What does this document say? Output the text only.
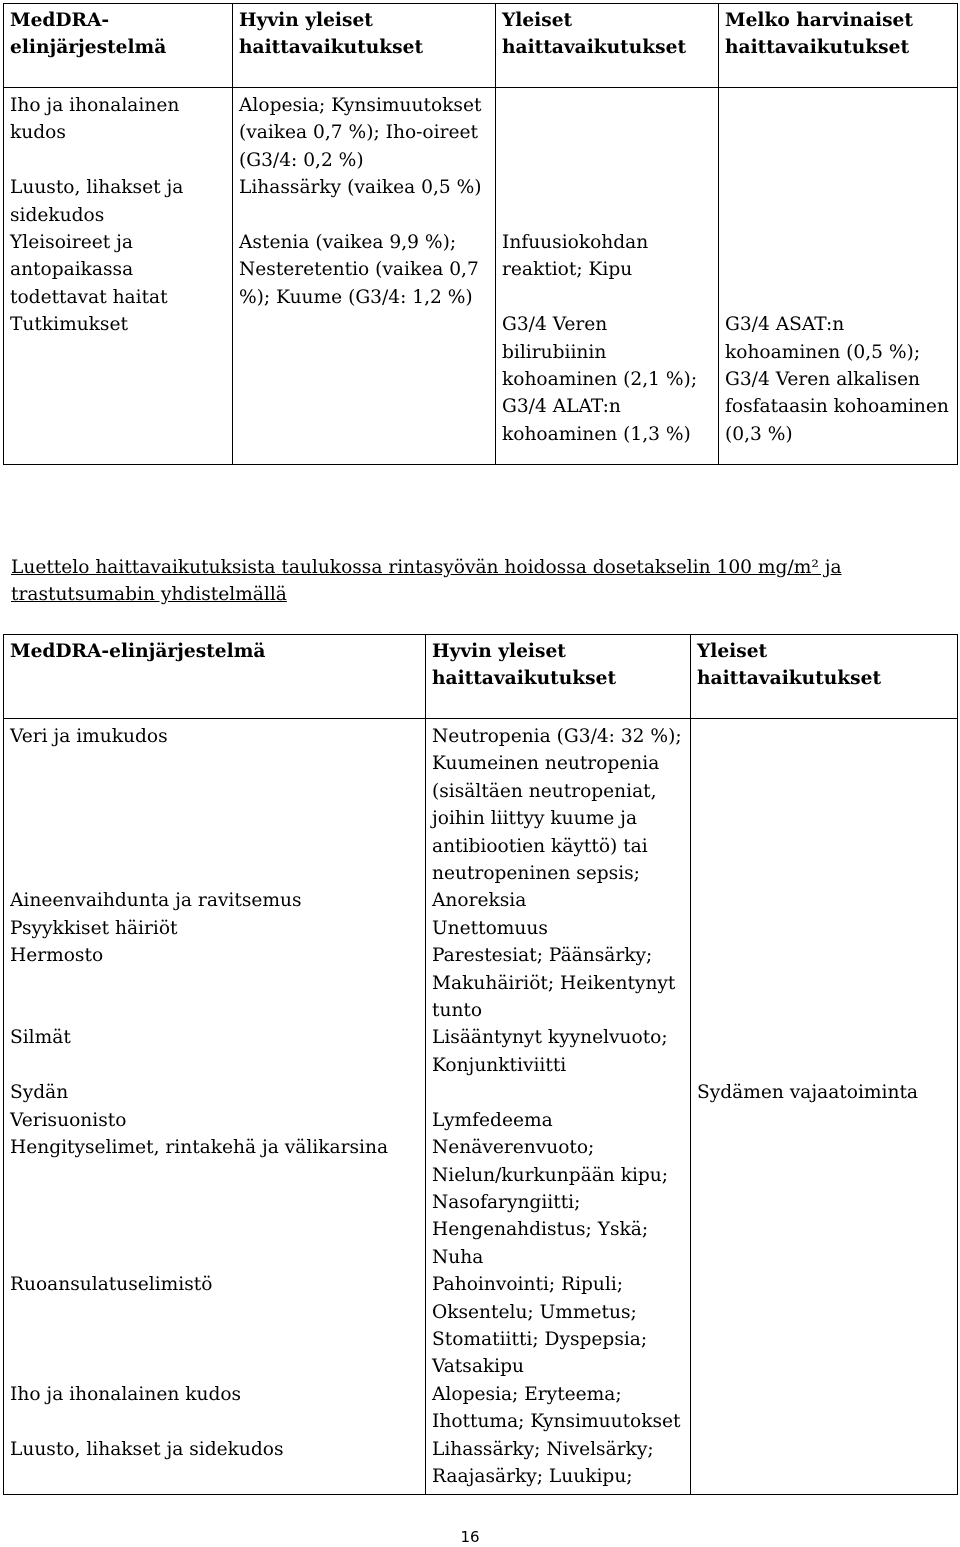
MedDRA-elinjärjestelmä	Hyvin yleiset haittavaikutukset	Yleiset haittavaikutukset	Melko harvinaiset haittavaikutukset
Iho ja ihonalainen kudos	Alopesia; Kynsimuutokset (vaikea 0,7 %); Iho-oireet (G3/4: 0,2 %)		
Luusto, lihakset ja sidekudos	Lihassärky (vaikea 0,5 %)		
Yleisoireet ja antopaikassa todettavat haitat	Astenia (vaikea 9,9 %); Nesteretentio (vaikea 0,7 %); Kuume (G3/4: 1,2 %)	Infuusiokohdan reaktiot; Kipu	
Tutkimukset		G3/4 Veren bilirubiinin kohoaminen (2,1 %); G3/4 ALAT:n kohoaminen (1,3 %)	G3/4 ASAT:n kohoaminen (0,5 %); G3/4 Veren alkalisen fosfataasin kohoaminen (0,3 %)

Luettelo haittavaikutuksista taulukossa rintasyövän hoidossa dosetakselin 100 mg/m² ja trastutsumabin yhdistelmällä

MedDRA-elinjärjestelmä	Hyvin yleiset haittavaikutukset	Yleiset haittavaikutukset
Veri ja imukudos	Neutropenia (G3/4: 32 %); Kuumeinen neutropenia (sisältäen neutropeniat, joihin liittyy kuume ja antibiootien käyttö) tai neutropeninen sepsis;	
Aineenvaihdunta ja ravitsemus	Anoreksia	
Psyykkiset häiriöt	Unettomuus	
Hermosto	Parestesiat; Päänsärky; Makuhäiriöt; Heikentynyt tunto	
Silmät	Lisääntynyt kyynelvuoto; Konjunktiviitti	
Sydän		Sydämen vajaatoiminta
Verisuonisto	Lymfedeema	
Hengityselimet, rintakehä ja välikarsina	Nenäverenvuoto; Nielun/kurkunpään kipu; Nasofaryngiitti; Hengenahdistus; Yskä; Nuha	
Ruoansulatuselimistö	Pahoinvointi; Ripuli; Oksentelu; Ummetus; Stomatiitti; Dyspepsia; Vatsakipu	
Iho ja ihonalainen kudos	Alopesia; Eryteema; Ihottuma; Kynsimuutokset	
Luusto, lihakset ja sidekudos	Lihassärky; Nivelsärky; Raajasärky; Luukipu;	
16
